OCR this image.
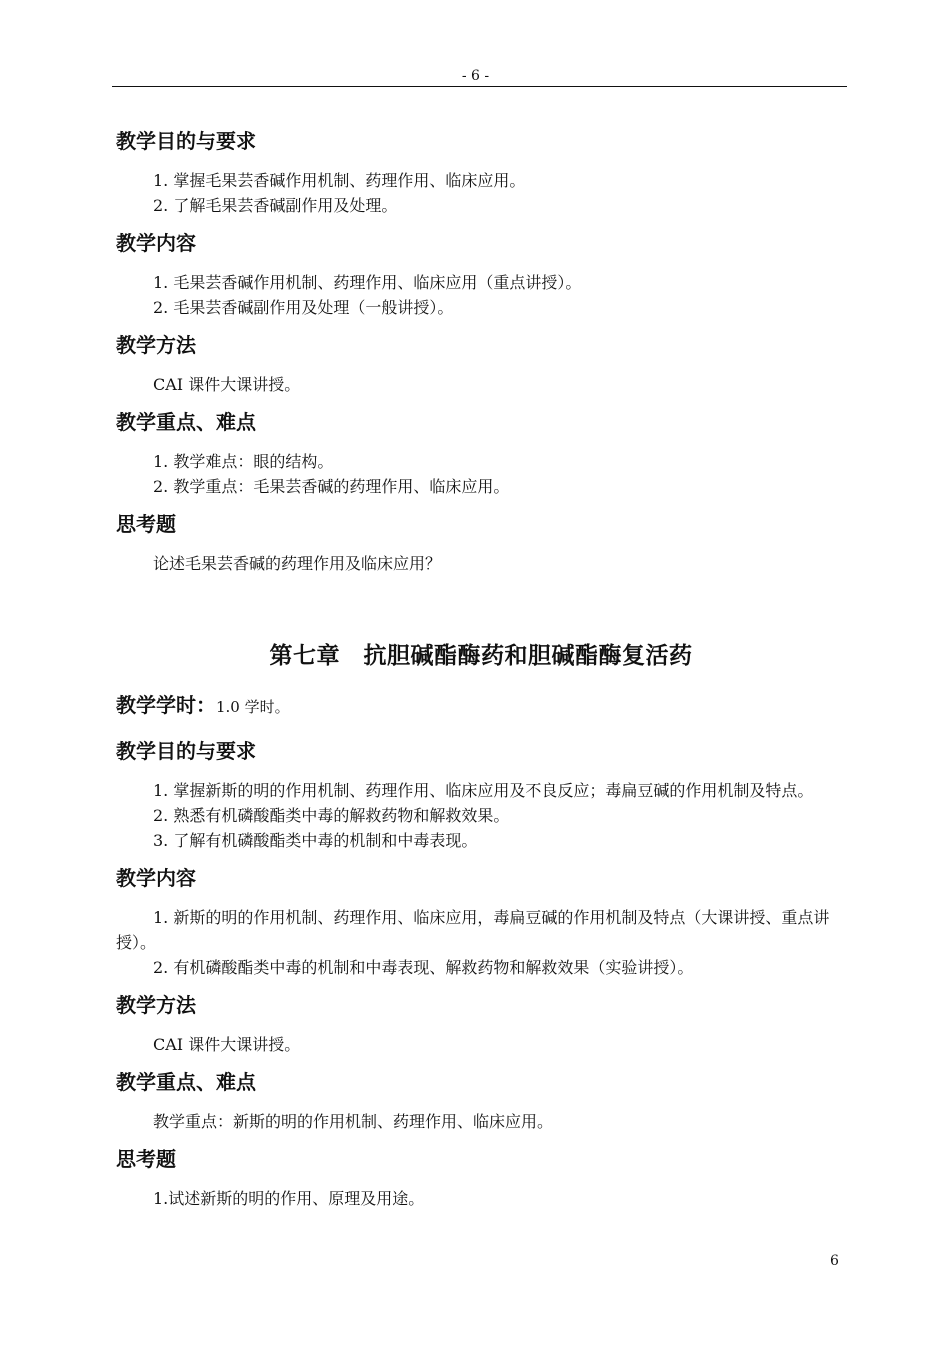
- 6 -
教学目的与要求

1. 掌握毛果芸香碱作用机制、药理作用、临床应用。

2. 了解毛果芸香碱副作用及处理。

教学内容

1. 毛果芸香碱作用机制、药理作用、临床应用（重点讲授）。

2. 毛果芸香碱副作用及处理（一般讲授）。

教学方法

CAI 课件大课讲授。

教学重点、难点

1. 教学难点：眼的结构。

2. 教学重点：毛果芸香碱的药理作用、临床应用。

思考题

论述毛果芸香碱的药理作用及临床应用？

第七章　抗胆碱酯酶药和胆碱酯酶复活药
教学学时：1.0 学时。
教学目的与要求

1. 掌握新斯的明的作用机制、药理作用、临床应用及不良反应；毒扁豆碱的作用机制及特点。

2. 熟悉有机磷酸酯类中毒的解救药物和解救效果。

3. 了解有机磷酸酯类中毒的机制和中毒表现。

教学内容

1. 新斯的明的作用机制、药理作用、临床应用，毒扁豆碱的作用机制及特点（大课讲授、重点讲授）。

2. 有机磷酸酯类中毒的机制和中毒表现、解救药物和解救效果（实验讲授）。

教学方法

CAI 课件大课讲授。

教学重点、难点

教学重点：新斯的明的作用机制、药理作用、临床应用。

思考题

1.试述新斯的明的作用、原理及用途。

6
